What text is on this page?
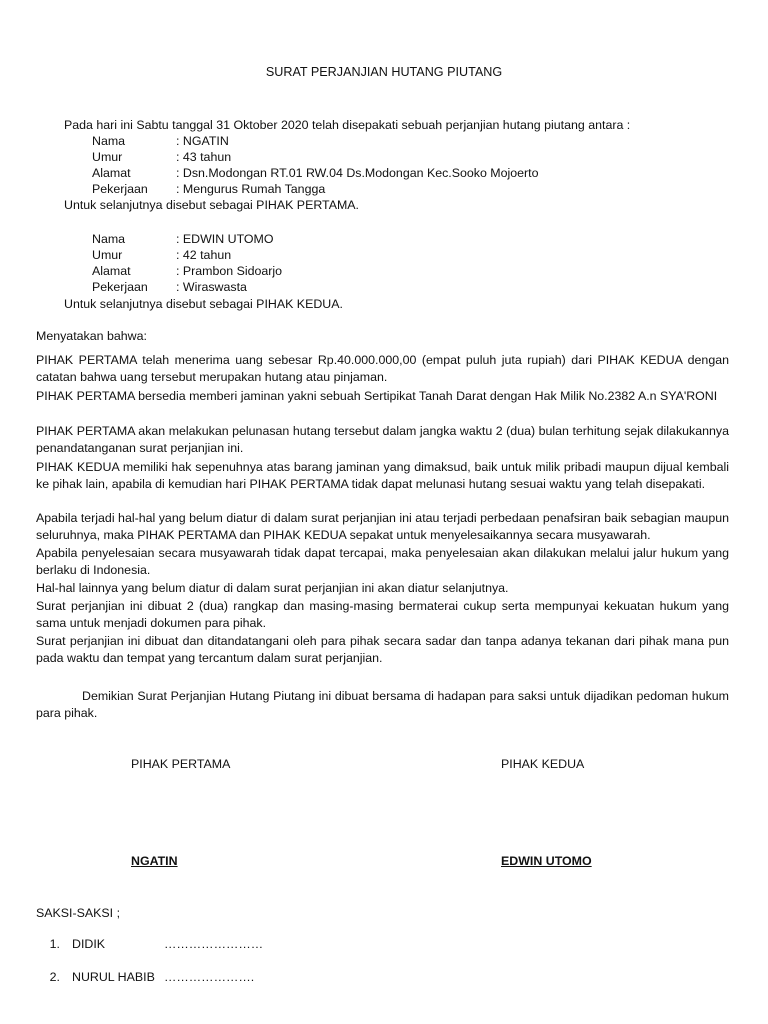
SURAT PERJANJIAN HUTANG PIUTANG
Pada hari ini Sabtu tanggal 31 Oktober 2020 telah disepakati sebuah perjanjian hutang piutang antara :
Nama	: NGATIN
Umur	: 43 tahun
Alamat	: Dsn.Modongan RT.01 RW.04 Ds.Modongan Kec.Sooko Mojoerto
Pekerjaan : Mengurus Rumah Tangga
Untuk selanjutnya disebut sebagai PIHAK PERTAMA.
Nama	: EDWIN UTOMO
Umur	: 42 tahun
Alamat	: Prambon Sidoarjo
Pekerjaan : Wiraswasta
Untuk selanjutnya disebut sebagai PIHAK KEDUA.
Menyatakan bahwa:
PIHAK PERTAMA telah menerima uang sebesar Rp.40.000.000,00 (empat puluh juta rupiah) dari PIHAK KEDUA dengan catatan bahwa uang tersebut merupakan hutang atau pinjaman.
PIHAK PERTAMA bersedia memberi jaminan yakni sebuah Sertipikat Tanah Darat dengan Hak Milik No.2382 A.n SYA'RONI
PIHAK PERTAMA akan melakukan pelunasan hutang tersebut dalam jangka waktu 2 (dua) bulan terhitung sejak dilakukannya penandatanganan surat perjanjian ini.
PIHAK KEDUA memiliki hak sepenuhnya atas barang jaminan yang dimaksud, baik untuk milik pribadi maupun dijual kembali ke pihak lain, apabila di kemudian hari PIHAK PERTAMA tidak dapat melunasi hutang sesuai waktu yang telah disepakati.
Apabila terjadi hal-hal yang belum diatur di dalam surat perjanjian ini atau terjadi perbedaan penafsiran baik sebagian maupun seluruhnya, maka PIHAK PERTAMA dan PIHAK KEDUA sepakat untuk menyelesaikannya secara musyawarah.
Apabila penyelesaian secara musyawarah tidak dapat tercapai, maka penyelesaian akan dilakukan melalui jalur hukum yang berlaku di Indonesia.
Hal-hal lainnya yang belum diatur di dalam surat perjanjian ini akan diatur selanjutnya.
Surat perjanjian ini dibuat 2 (dua) rangkap dan masing-masing bermaterai cukup serta mempunyai kekuatan hukum yang sama untuk menjadi dokumen para pihak.
Surat perjanjian ini dibuat dan ditandatangani oleh para pihak secara sadar dan tanpa adanya tekanan dari pihak mana pun pada waktu dan tempat yang tercantum dalam surat perjanjian.
Demikian Surat Perjanjian Hutang Piutang ini dibuat bersama di hadapan para saksi untuk dijadikan pedoman hukum para pihak.
PIHAK PERTAMA	PIHAK KEDUA
NGATIN	EDWIN UTOMO
SAKSI-SAKSI ;
1. DIDIK	……………………
2. NURUL HABIB ………………….
